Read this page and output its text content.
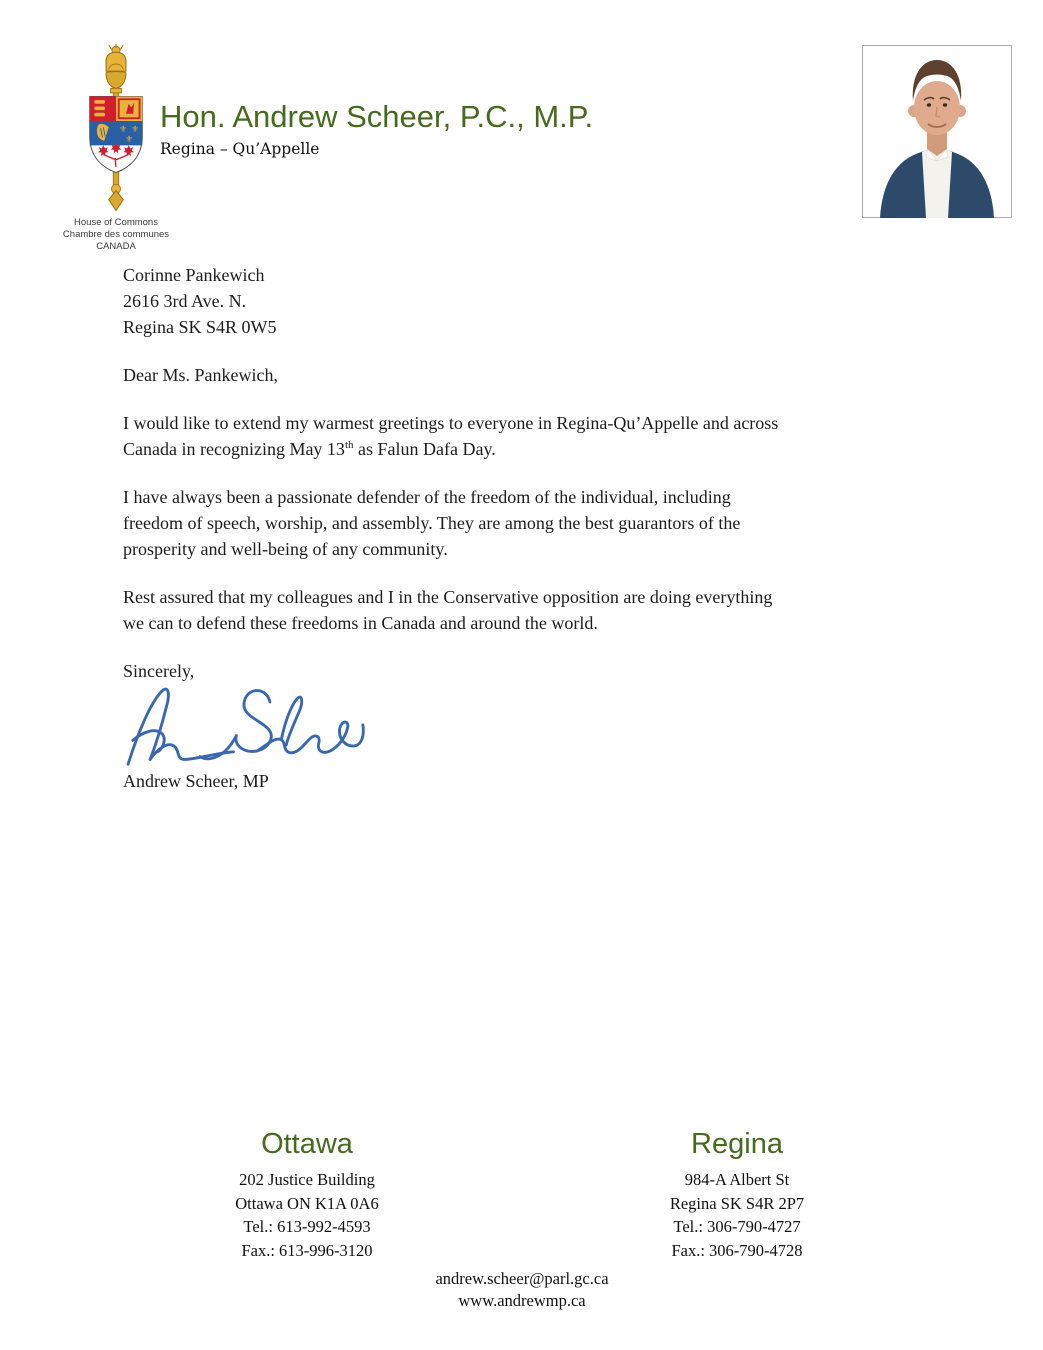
⚜ ⚜
⚜
House of Commons
Chambre des communes
CANADA
Hon. Andrew Scheer, P.C., M.P.
Regina – Qu’Appelle
Corinne Pankewich
2616 3rd Ave. N.
Regina SK S4R 0W5
Dear Ms. Pankewich,
I would like to extend my warmest greetings to everyone in Regina-Qu’Appelle and across
Canada in recognizing May 13th as Falun Dafa Day.
I have always been a passionate defender of the freedom of the individual, including
freedom of speech, worship, and assembly. They are among the best guarantors of the
prosperity and well-being of any community.
Rest assured that my colleagues and I in the Conservative opposition are doing everything
we can to defend these freedoms in Canada and around the world.
Sincerely,
Andrew Scheer, MP
Ottawa
202 Justice Building
Ottawa ON K1A 0A6
Tel.: 613-992-4593
Fax.: 613-996-3120
Regina
984-A Albert St
Regina SK S4R 2P7
Tel.: 306-790-4727
Fax.: 306-790-4728
andrew.scheer@parl.gc.ca
www.andrewmp.ca
